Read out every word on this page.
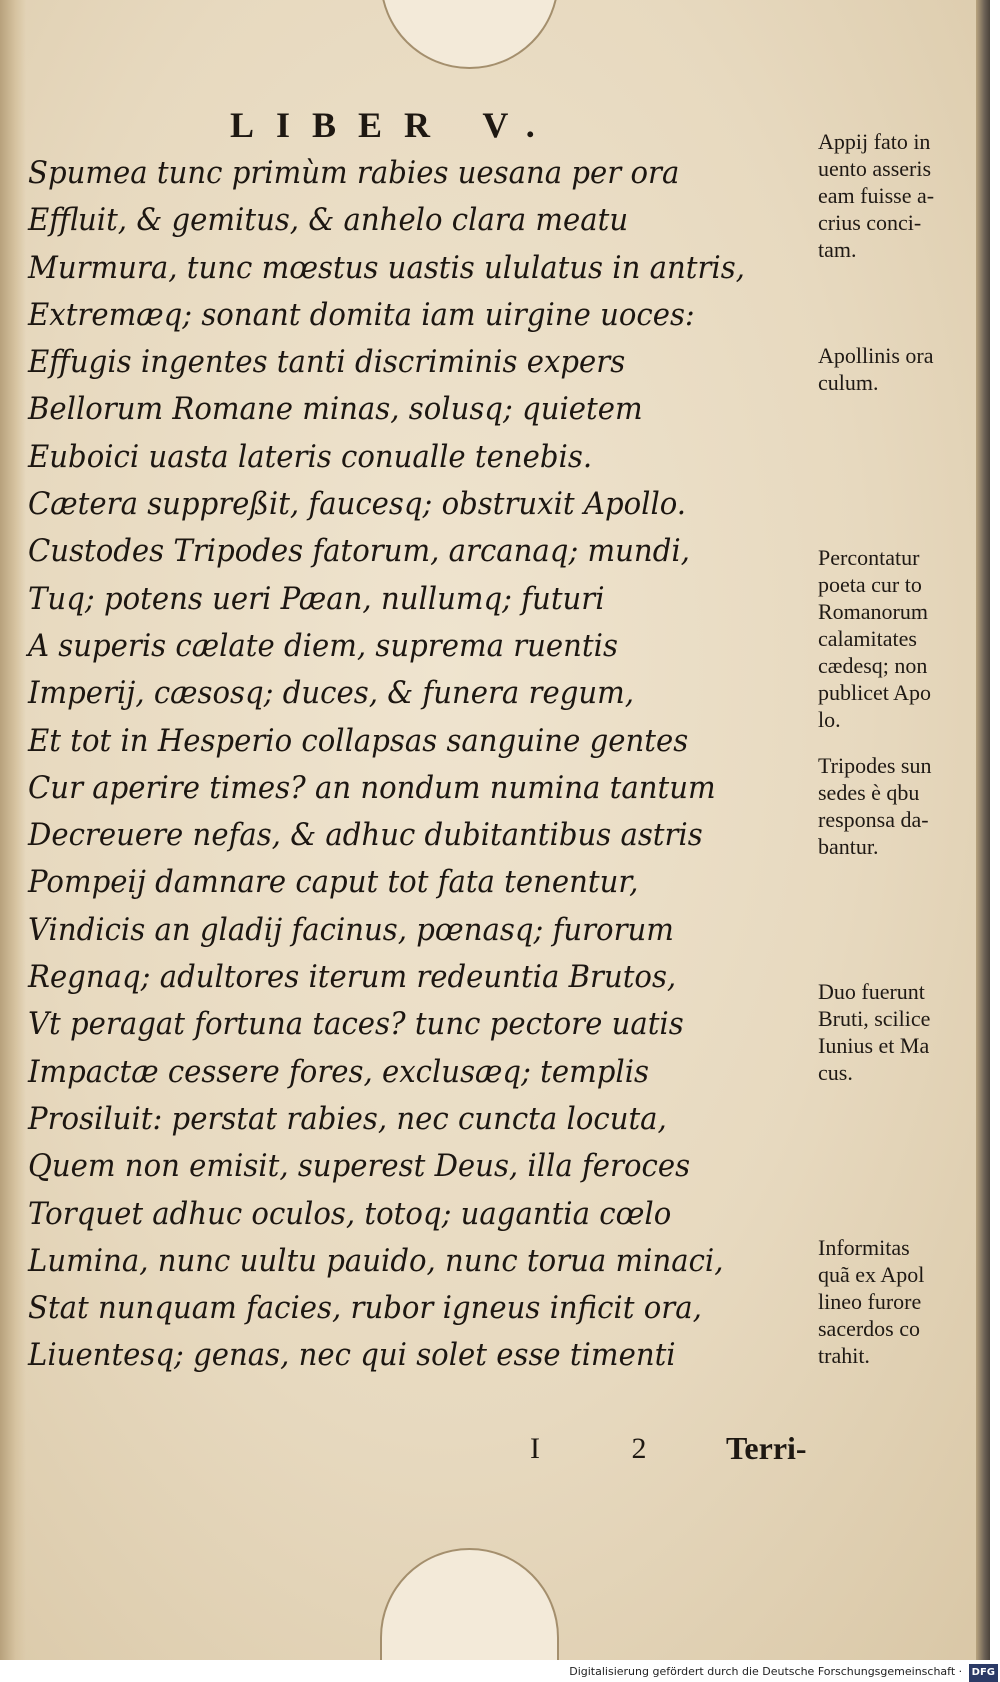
LIBER V.
Spumea tunc primùm rabies uesana per ora
Effluit, & gemitus, & anhelo clara meatu
Murmura, tunc mœstus uastis ululatus in antris,
Extremæq; sonant domita iam uirgine uoces:
Effugis ingentes tanti discriminis expers
Bellorum Romane minas, solusq; quietem
Euboici uasta lateris conualle tenebis.
Cætera suppreßit, faucesq; obstruxit Apollo.
Custodes Tripodes fatorum, arcanaq; mundi,
Tuq; potens ueri Pæan, nullumq; futuri
A superis cælate diem, suprema ruentis
Imperij, cæsosq; duces, & funera regum,
Et tot in Hesperio collapsas sanguine gentes
Cur aperire times? an nondum numina tantum
Decreuere nefas, & adhuc dubitantibus astris
Pompeij damnare caput tot fata tenentur,
Vindicis an gladij facinus, pœnasq; furorum
Regnaq; adultores iterum redeuntia Brutos,
Vt peragat fortuna taces? tunc pectore uatis
Impactæ cessere fores, exclusæq; templis
Prosiluit: perstat rabies, nec cuncta locuta,
Quem non emisit, superest Deus, illa feroces
Torquet adhuc oculos, totoq; uagantia cœlo
Lumina, nunc uultu pauido, nunc torua minaci,
Stat nunquam facies, rubor igneus inficit ora,
Liuentesq; genas, nec qui solet esse timenti
Appij fato in
uento asseris
eam fuisse a-
crius conci-
tam.
Apollinis ora
culum.
Percontatur
poeta cur to
Romanorum
calamitates
cædesq; non
publicet Apo
lo.
Tripodes sun
sedes è qbu
responsa da-
bantur.
Duo fuerunt
Bruti, scilice
Iunius et Ma
cus.
Informitas
quã ex Apol
lineo furore
sacerdos co
trahit.
I 2 Terri-
Digitalisierung gefördert durch die Deutsche Forschungsgemeinschaft · DFG
